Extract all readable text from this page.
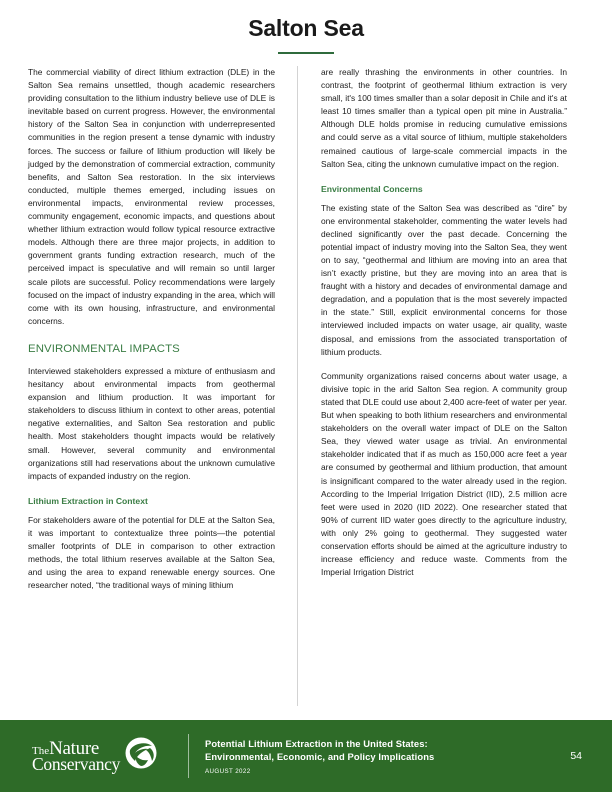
Salton Sea

The commercial viability of direct lithium extraction (DLE) in the Salton Sea remains unsettled, though academic researchers providing consultation to the lithium industry believe use of DLE is inevitable based on current progress. However, the environmental history of the Salton Sea in conjunction with underrepresented communities in the region present a tense dynamic with industry forces. The success or failure of lithium production will likely be judged by the demonstration of commercial extraction, community benefits, and Salton Sea restoration. In the six interviews conducted, multiple themes emerged, including issues on environmental impacts, environmental review processes, community engagement, economic impacts, and questions about whether lithium extraction would follow typical resource extractive models. Although there are three major projects, in addition to government grants funding extraction research, much of the perceived impact is speculative and will remain so until larger scale pilots are successful. Policy recommendations were largely focused on the impact of industry expanding in the area, which will come with its own housing, infrastructure, and environmental concerns.

ENVIRONMENTAL IMPACTS

Interviewed stakeholders expressed a mixture of enthusiasm and hesitancy about environmental impacts from geothermal expansion and lithium production. It was important for stakeholders to discuss lithium in context to other areas, potential negative externalities, and Salton Sea restoration and public health. Most stakeholders thought impacts would be relatively small. However, several community and environmental organizations still had reservations about the unknown cumulative impacts of expanded industry on the region.

Lithium Extraction in Context

For stakeholders aware of the potential for DLE at the Salton Sea, it was important to contextualize three points—the potential smaller footprints of DLE in comparison to other extraction methods, the total lithium reserves available at the Salton Sea, and using the area to expand renewable energy sources. One researcher noted, “the traditional ways of mining lithium

are really thrashing the environments in other countries. In contrast, the footprint of geothermal lithium extraction is very small, it's 100 times smaller than a solar deposit in Chile and it's at least 10 times smaller than a typical open pit mine in Australia.” Although DLE holds promise in reducing cumulative emissions and could serve as a vital source of lithium, multiple stakeholders remained cautious of large-scale commercial impacts in the Salton Sea, citing the unknown cumulative impact on the region.

Environmental Concerns

The existing state of the Salton Sea was described as “dire” by one environmental stakeholder, commenting the water levels had declined significantly over the past decade. Concerning the potential impact of industry moving into the Salton Sea, they went on to say, “geothermal and lithium are moving into an area that isn’t exactly pristine, but they are moving into an area that is fraught with a history and decades of environmental damage and degradation, and a population that is the most severely impacted in the state.” Still, explicit environmental concerns for those interviewed included impacts on water usage, air quality, waste disposal, and emissions from the associated transportation of lithium products.

Community organizations raised concerns about water usage, a divisive topic in the arid Salton Sea region. A community group stated that DLE could use about 2,400 acre-feet of water per year. But when speaking to both lithium researchers and environmental stakeholders on the overall water impact of DLE on the Salton Sea, they viewed water usage as trivial. An environmental stakeholder indicated that if as much as 150,000 acre feet a year are consumed by geothermal and lithium production, that amount is insignificant compared to the water already used in the region. According to the Imperial Irrigation District (IID), 2.5 million acre feet were used in 2020 (IID 2022). One researcher stated that 90% of current IID water goes directly to the agriculture industry, with only 2% going to geothermal. They suggested water conservation efforts should be aimed at the agriculture industry to increase efficiency and reduce waste. Comments from the Imperial Irrigation District

TheNature
Conservancy
Potential Lithium Extraction in the United States:
Environmental, Economic, and Policy Implications
AUGUST 2022
54
